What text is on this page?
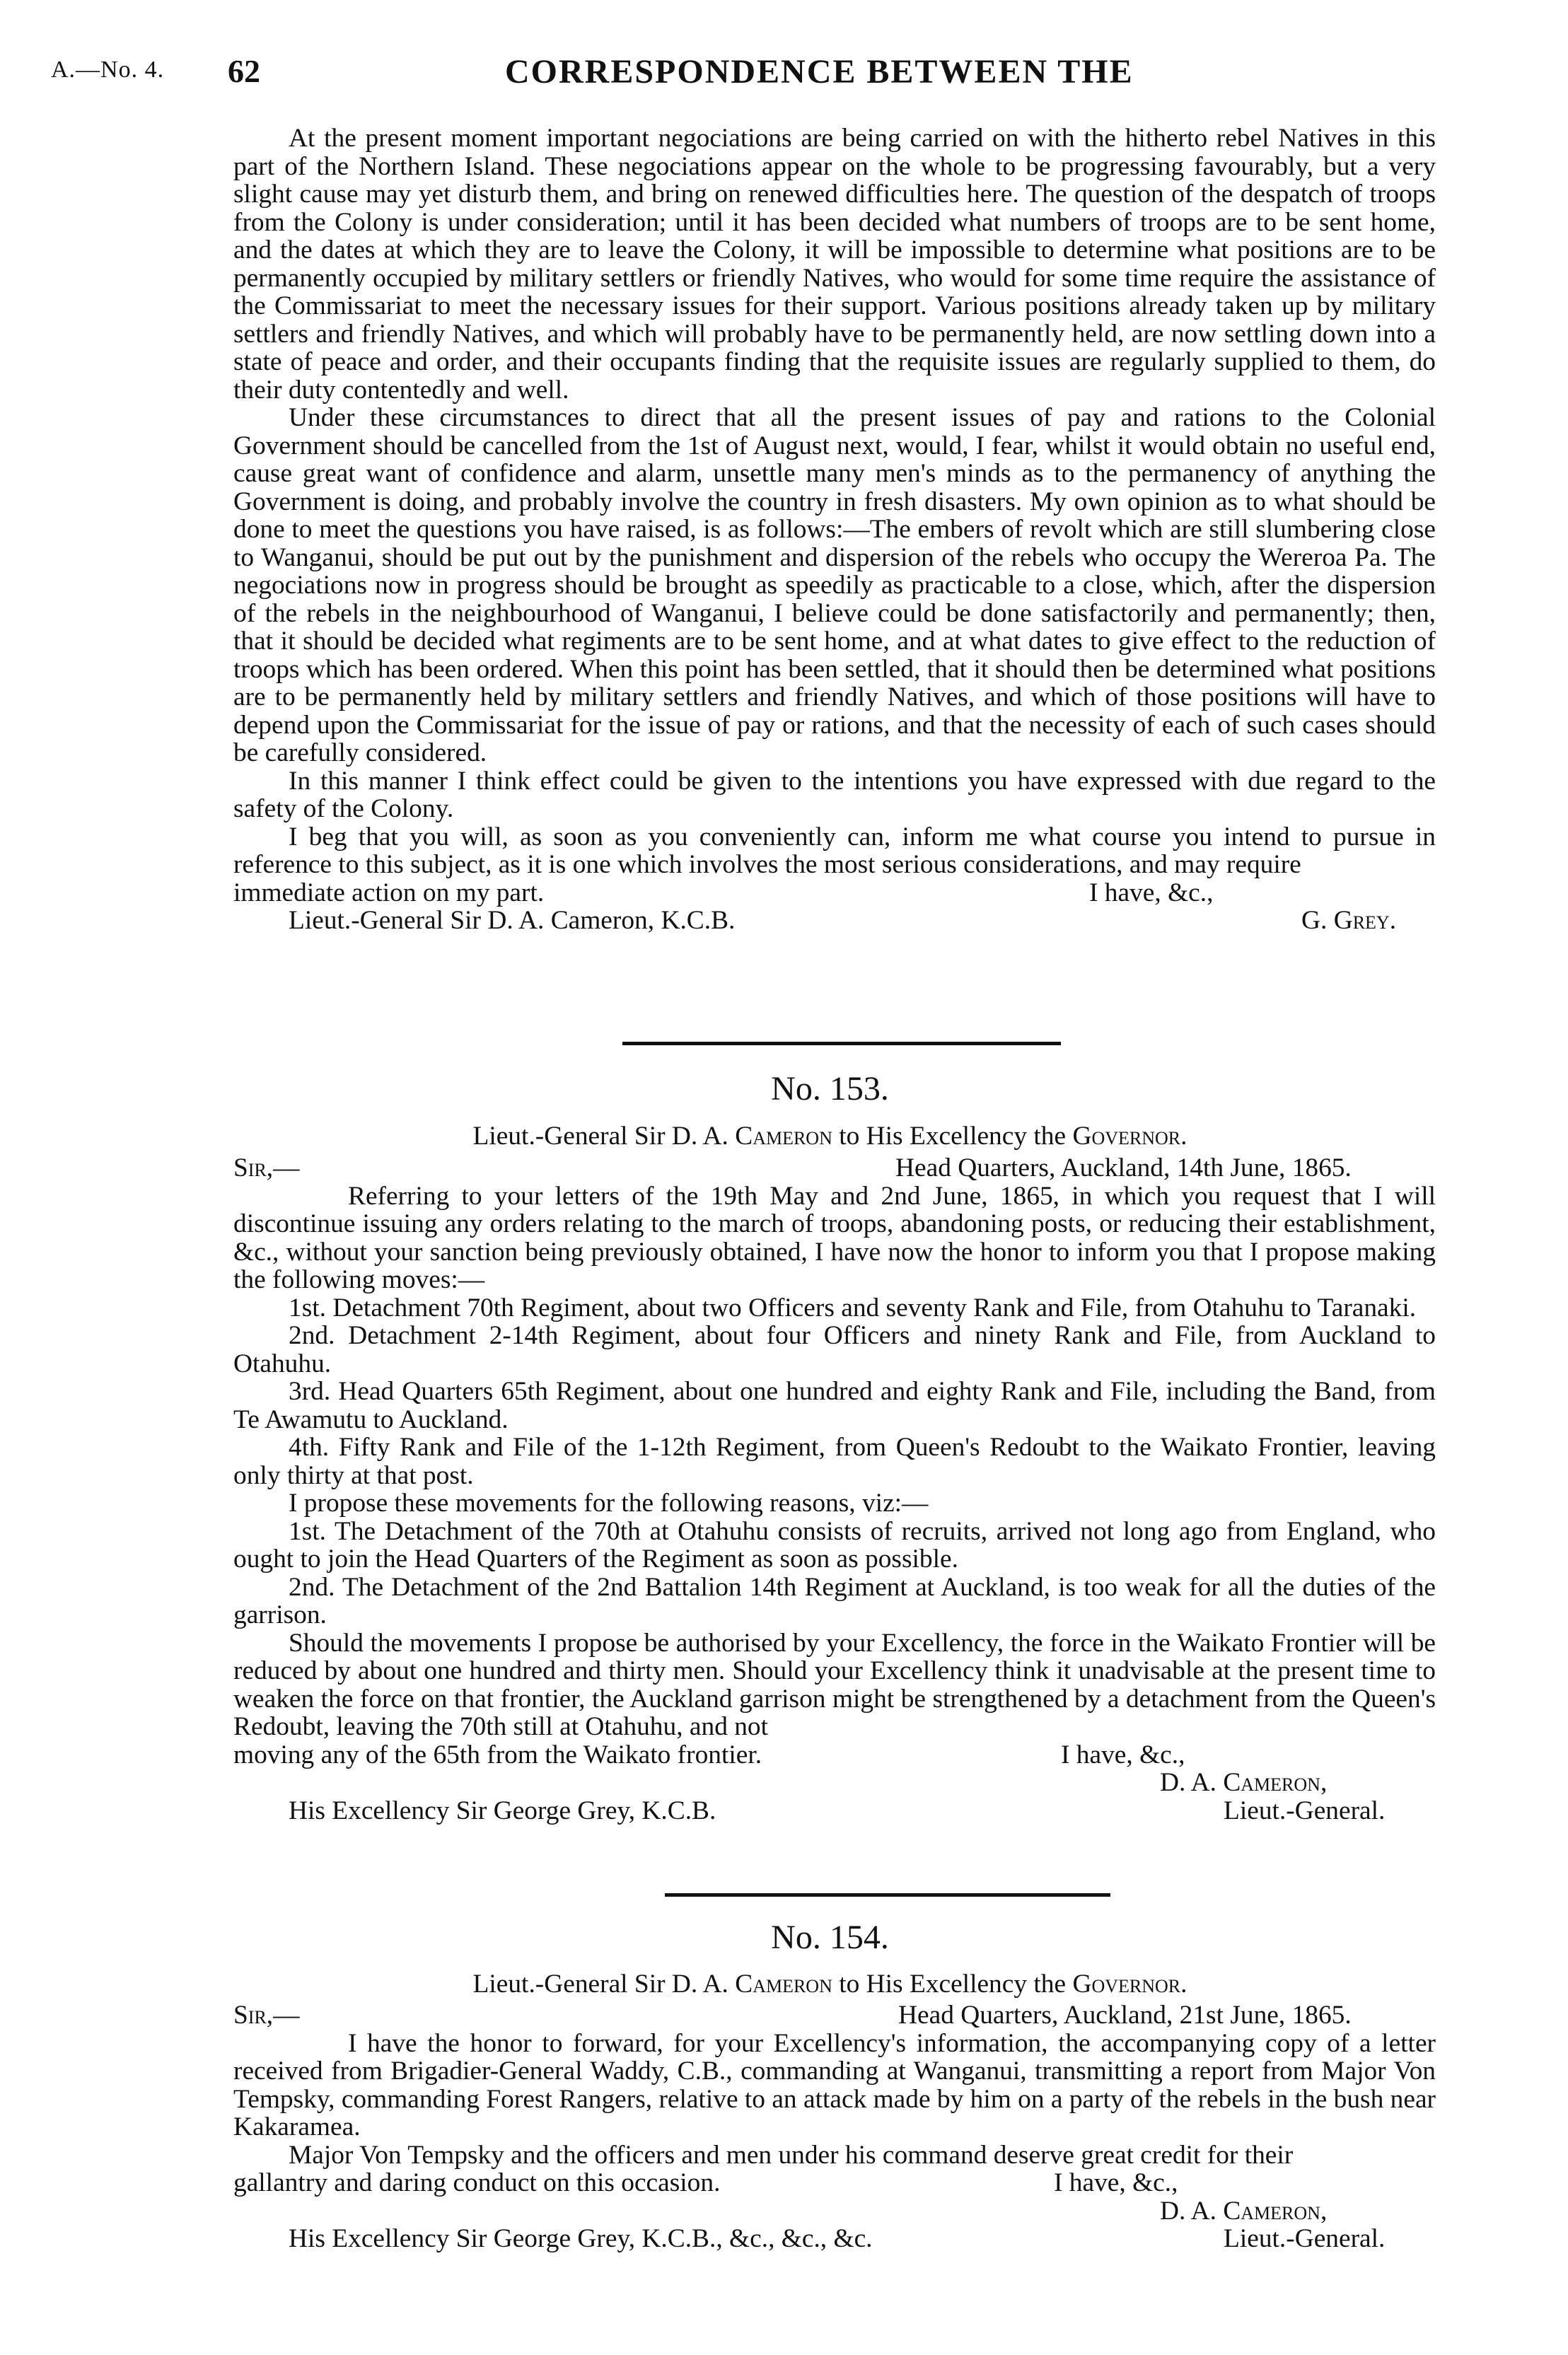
A.—No. 4. 62	CORRESPONDENCE BETWEEN THE

At the present moment important negociations are being carried on with the hitherto rebel Natives in this part of the Northern Island. These negociations appear on the whole to be progressing favourably, but a very slight cause may yet disturb them, and bring on renewed difficulties here. The question of the despatch of troops from the Colony is under consideration; until it has been decided what numbers of troops are to be sent home, and the dates at which they are to leave the Colony, it will be impossible to determine what positions are to be permanently occupied by military settlers or friendly Natives, who would for some time require the assistance of the Commissariat to meet the necessary issues for their support. Various positions already taken up by military settlers and friendly Natives, and which will probably have to be permanently held, are now settling down into a state of peace and order, and their occupants finding that the requisite issues are regularly supplied to them, do their duty contentedly and well.

Under these circumstances to direct that all the present issues of pay and rations to the Colonial Government should be cancelled from the 1st of August next, would, I fear, whilst it would obtain no useful end, cause great want of confidence and alarm, unsettle many men's minds as to the permanency of anything the Government is doing, and probably involve the country in fresh disasters. My own opinion as to what should be done to meet the questions you have raised, is as follows:—The embers of revolt which are still slumbering close to Wanganui, should be put out by the punishment and dispersion of the rebels who occupy the Wereroa Pa. The negociations now in progress should be brought as speedily as practicable to a close, which, after the dispersion of the rebels in the neighbourhood of Wanganui, I believe could be done satisfactorily and permanently; then, that it should be decided what regiments are to be sent home, and at what dates to give effect to the reduction of troops which has been ordered. When this point has been settled, that it should then be determined what positions are to be permanently held by military settlers and friendly Natives, and which of those positions will have to depend upon the Commissariat for the issue of pay or rations, and that the necessity of each of such cases should be carefully considered.

In this manner I think effect could be given to the intentions you have expressed with due regard to the safety of the Colony.

I beg that you will, as soon as you conveniently can, inform me what course you intend to pursue in reference to this subject, as it is one which involves the most serious considerations, and may require

immediate action on my part.	I have, &c.,
Lieut.-General Sir D. A. Cameron, K.C.B.	G. Grey.
No. 153.
Lieut.-General Sir D. A. Cameron to His Excellency the Governor.
Sir,—	Head Quarters, Auckland, 14th June, 1865.

Referring to your letters of the 19th May and 2nd June, 1865, in which you request that I will discontinue issuing any orders relating to the march of troops, abandoning posts, or reducing their establishment, &c., without your sanction being previously obtained, I have now the honor to inform you that I propose making the following moves:—

1st. Detachment 70th Regiment, about two Officers and seventy Rank and File, from Otahuhu to Taranaki.

2nd. Detachment 2-14th Regiment, about four Officers and ninety Rank and File, from Auckland to Otahuhu.

3rd. Head Quarters 65th Regiment, about one hundred and eighty Rank and File, including the Band, from Te Awamutu to Auckland.

4th. Fifty Rank and File of the 1-12th Regiment, from Queen's Redoubt to the Waikato Frontier, leaving only thirty at that post.

I propose these movements for the following reasons, viz:—

1st. The Detachment of the 70th at Otahuhu consists of recruits, arrived not long ago from England, who ought to join the Head Quarters of the Regiment as soon as possible.

2nd. The Detachment of the 2nd Battalion 14th Regiment at Auckland, is too weak for all the duties of the garrison.

Should the movements I propose be authorised by your Excellency, the force in the Waikato Frontier will be reduced by about one hundred and thirty men. Should your Excellency think it unadvisable at the present time to weaken the force on that frontier, the Auckland garrison might be strengthened by a detachment from the Queen's Redoubt, leaving the 70th still at Otahuhu, and not

moving any of the 65th from the Waikato frontier.	I have, &c.,
D. A. Cameron,
His Excellency Sir George Grey, K.C.B.	Lieut.-General.
No. 154.
Lieut.-General Sir D. A. Cameron to His Excellency the Governor.
Sir,—	Head Quarters, Auckland, 21st June, 1865.

I have the honor to forward, for your Excellency's information, the accompanying copy of a letter received from Brigadier-General Waddy, C.B., commanding at Wanganui, transmitting a report from Major Von Tempsky, commanding Forest Rangers, relative to an attack made by him on a party of the rebels in the bush near Kakaramea.

Major Von Tempsky and the officers and men under his command deserve great credit for their

gallantry and daring conduct on this occasion.	I have, &c.,
D. A. Cameron,
His Excellency Sir George Grey, K.C.B., &c., &c., &c.	Lieut.-General.
